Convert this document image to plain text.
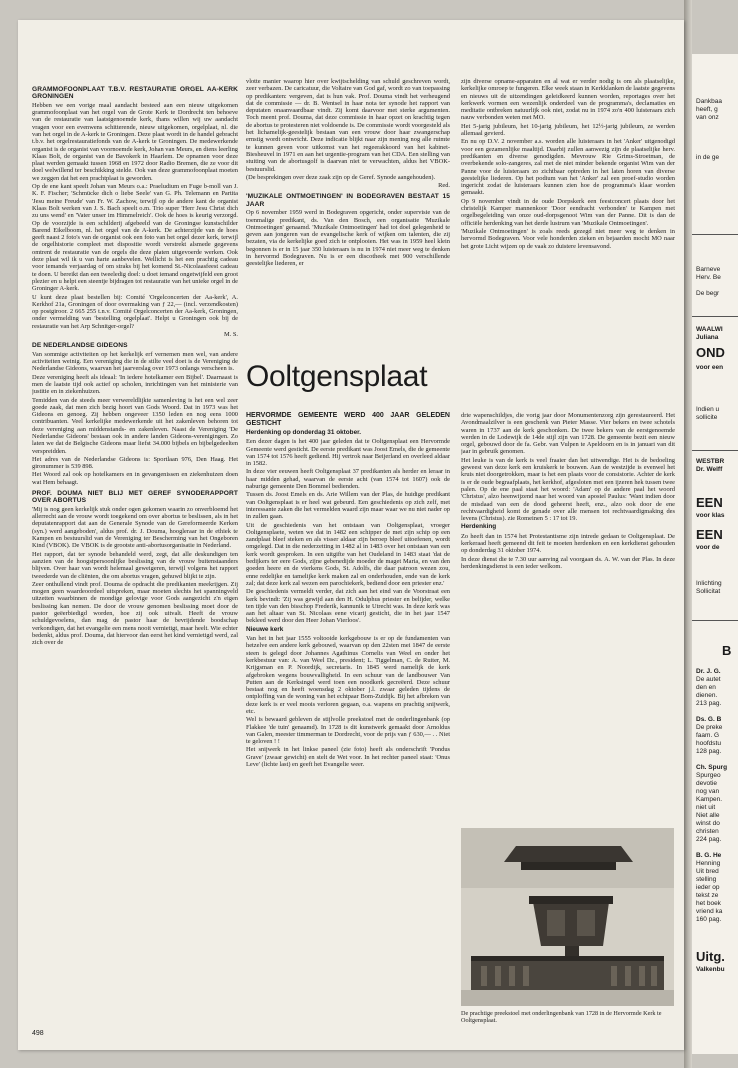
GRAMMOFOONPLAAT T.B.V. RESTAURATIE ORGEL AA-KERK GRONINGEN

Hebben we een vorige maal aandacht besteed aan een nieuw uitgekomen grammofoonplaat van het orgel van de Grote Kerk te Dordrecht ten behoeve van de restauratie van laatstgenoemde kerk, thans willen wij uw aandacht vragen voor een evenwens schitterende, nieuw uitgekomen, orgelplaat, nl. die van het orgel in de A-kerk te Groningen. Deze plaat wordt in de handel gebracht t.b.v. het orgelrestauratiefonds van de A-kerk te Groningen. De medewerkende organist is de organist van voornoemde kerk, Johan van Meurs, en diens leerling Klaas Bolt, de organist van de Bavokerk in Haarlem. De opnamen voor deze plaat werden gemaakt tussen 1968 en 1972 door Radio Bremen, die ze voor dit doel welwillend ter beschikking stelde. Ook van deze grammofoonplaat moeten we zeggen dat het een prachtplaat is geworden.

Op de ene kant speelt Johan van Meurs o.a.: Praeludium en Fuge b-moll van J. K. F. Fischer; 'Schmücke dich o liebe Seele' van G. Ph. Telemann en Partita 'Jesu meine Freude' van Fr. W. Zachow, terwijl op de andere kant de organist Klaas Bolt werken van J. S. Bach speelt o.m. Trio super 'Herr Jesu Christ dich zu uns wend' en 'Vater unser im Himmelreich'. Ook de hoes is keurig verzorgd. Op de voorzijde is een schilderij afgebeeld van de Groningse kunstschilder Barend Eikelboom, nl. het orgel van de A-kerk. De achterzijde van de hoes geeft naast 2 foto's van de organist ook een foto van het orgel dezer kerk, terwijl de orgelhistorie compleet met dispositie wordt verstrekt alsmede gegevens omtrent de restauratie van de orgels die deze platen uitgevoerde werken. Ook deze plaat wil ik u van harte aanbevelen. Wellicht is het een prachtig cadeau voor iemands verjaardag of om straks bij het komend St.-Nicolaasfeest cadeau te doen. U bereikt dan een tweeledig doel: u doet iemand ongetwijfeld een groot plezier en u helpt een steentje bijdragen tot restauratie van het unieke orgel in de Groninger A-kerk.

U kunt deze plaat bestellen bij: Comité 'Orgelconcerten der Aa-kerk', A. Kerkhof 21a, Groningen of door overmaking van ƒ 22,— (incl. verzendkosten) op postgiroor. 2 665 255 t.n.v. Comité Orgelconcerten der Aa-kerk, Groningen, onder vermelding van 'bestelling orgelplaat'. Helpt u Groningen ook bij de restauratie van het Arp Schnitger-orgel?

M. S.

DE NEDERLANDSE GIDEONS

Van sommige activiteiten op het kerkelijk erf vernemen men wel, van andere activiteiten weinig. Een vereniging die in de stilte veel doet is de Vereniging de Nederlandse Gideons, waarvan het jaarverslag over 1973 onlangs verscheen is.

Deze vereniging heeft als ideaal: 'In iedere hotelkamer een Bijbel'. Daarnaast is men de laatste tijd ook actief op scholen, inrichtingen van het ministerie van justitie en in ziekenhuizen.

Temidden van de steeds meer verwereldlijkte samenleving is het een wel zeer goede zaak, dat men zich bezig hoort van Gods Woord. Dat in 1973 was het Gideons en genoeg. Zij hebben ongeveer 1350 leden en nog eens 1000 contribuanten. Veel kerkelijke medewerkende uit het zakenleven behoren tot deze vereniging aan middenstands- en zakenleven. Naast de Vereniging 'De Nederlandse Gideons' bestaan ook in andere landen Gideons-verenigingen. Zo laten we dat de Belgische Gideons maar liefst 34.000 bijbels en bijbelgedeelten verspreidden.

Het adres van de Nederlandse Gideons is: Sportlaan 976, Den Haag. Het gironummer is 539 898.

Het Woord zal ook op hotelkamers en in gevangenissen en ziekenhuizen doen wat Hem behaagt.

PROF. DOUMA NIET BLIJ MET GEREF SYNODERAPPORT OVER ABORTUS

'Mij is nog geen kerkelijk stuk onder ogen gekomen waarin zo onverbloemd het allerrecht aan de vrouw wordt toegekend om over abortus te beslissen, als in het deputatenrapport dat aan de Generale Synode van de Gereformeerde Kerken (syn.) werd aangeboden', aldus prof. dr. J. Douma, hoogleraar in de ethiek te Kampen en bestuurslid van de Vereniging ter Bescherming van het Ongeboren Kind (VBOK). De VBOK is de grootste anti-abortusorganisatie in Nederland.

Het rapport, dat ter synode behandeld werd, zegt, dat alle deskundigen ten aanzien van de hoogstpersoonlijke beslissing van de vrouw buitenstaanders blijven. Over haar van wordt helemaal geweigeren, terwijl volgens het rapport tweederde van de cliënten, die om abortus vragen, gehuwd blijkt te zijn.

Zeer onthullend vindt prof. Douma de opdracht die predikanten meekrijgen. Zij mogen geen waardeoordeel uitspreken, maar moeten slechts het spanningveld uitzetten waarbinnen de mondige gelovige voor Gods aangezicht z'n eigen beslissing kan nemen. De door de vrouw genomen beslissing moet door de pastor geëerbiedigd worden, hoe zij ook uitvalt. Heeft de vrouw schuldgevoelens, dan mag de pastor haar de bevrijdende boodschap verkondigen, dat het evangelie een mens nooit vernietigt, maar heelt. Wie echter bedenkt, aldus prof. Douma, dat hiervoor dan eerst het kind vernietigd werd, zal zich over de

vlotte manier waarop hier over kwijtschelding van schuld geschreven wordt, zeer verbazen. De caricatuur, die Voltaire van God gaf, wordt zo van toepassing op predikanten: vergeven, dat is hun vak. Prof. Douma vindt het verheugend dat de commissie — dr. B. Wentsel in haar nota ter synode het rapport van deputaten onaanvaardbaar vindt. Zij komt daarvoor met sterke argumenten. Toch meent prof. Douma, dat deze commissie in haar opzet on krachtig tegen de abortus te protesteren niet voldoende is. De commissie wordt voorgesteld als het lichamelijk-geestelijk bestaan van een vrouw door haar zwangerschap ernstig wordt ontwricht. Deze indicatie blijkt naar zijn mening nog alle ruimte te kunnen geven voor uitkomst van het regeerakkoord van het kabinet-Biesheuvel in 1971 en aan het urgentie-program van het CDA. Een stelling van stuiting van de abortusgolf is daarvan niet te verwachten, aldus het VBOK-bestuurslid.

(De besprekingen over deze zaak zijn op de Geref. Synode aangehouden).

Red.

'MUZIKALE ONTMOETINGEN' IN BODEGRAVEN BESTAAT 15 JAAR

Op 6 november 1959 werd in Bodegraven opgericht, onder supervisie van de toenmalige predikant, ds. Van den Bosch, een organisatie 'Muzikale Ontmoetingen' genaamd. 'Muzikale Ontmoetingen' had tot doel gelegenheid te geven aan jongeren van de evangelische kerk of wijken om talenten, die zij bezaten, via de kerkelijke goed zich te ontplooien. Het was in 1959 heel klein begonnen is er in 15 jaar 350 luisteraars is nu in 1974 niet meer weg te denken in hervormd Bodegraven. Nu is er een discotheek met 900 verschillende geestelijke liederen, er

zijn diverse opname-apparaten en al wat er verder nodig is om als plaatselijke, kerkelijke omroep te fungeren. Elke week staan in Kerkklanken de laatste gegevens en nieuws uit de uitzendingen geleidkeerd kunnen worden, reportages over het kerkwerk vormen een wezenlijk onderdeel van de programma's, declamaties en meditatie ontbreken natuurlijk ook niet, zodat nu in 1974 zo'n 400 luisteraars zich nauw verbonden weten met MO.

Het 5-jarig jubileum, het 10-jarig jubileum, het 12½-jarig jubileum, ze werden allemaal gevierd.

En nu op D.V. 2 november a.s. worden alle luisteraars in het 'Anker' uitgenodigd voor een gezamenlijke maaltijd. Daarbij zullen aanwezig zijn de plaatselijke herv. predikanten en diverse genodigden. Mevrouw Rie Grims-Stroetman, de overbekende solo-zangeres, zal met de niet minder bekende organist Wim van der Panne voor de luisteraars zo zichtbaar optreden in het laten horen van diverse geestelijke liederen. Op het podium van het 'Anker' zal een proef-studio worden ingericht zodat de luisteraars kunnen zien hoe de programma's klaar worden gemaakt.

Op 9 november vindt in de oude Dorpskerk een feestconcert plaats door het christelijk Kamper mannenkoor 'Door eendracht verbonden' te Kampen met orgelbegeleiding van onze oud-dorpsgenoot Wim van der Panne. Dit is dan de officiële herdenking van het derde lustrum van 'Muzikale Ontmoetingen'.

'Muzikale Ontmoetingen' is zoals reeds gezegd niet meer weg te denken in hervormd Bodegraven. Voor vele honderden zieken en bejaarden mocht MO naar het grote Licht wijzen op de vaak zo duistere levensavond.

Ooltgensplaat

HERVORMDE GEMEENTE WERD 400 JAAR GELEDEN GESTICHT

Herdenking op donderdag 31 oktober.

Een dezer dagen is het 400 jaar geleden dat te Ooltgensplaat een Hervormde Gemeente werd gesticht. De eerste predikant was Joost Emels, die de gemeente van 1574 tot 1576 heeft gediend. Hij vertrok naar Beijerland en overleed aldaar in 1582.

In deze vier eeuwen heeft Ooltgensplaat 37 predikanten als herder en leraar in haar midden gehad, waarvan de eerste acht (van 1574 tot 1607) ook de naburige gemeente Den Bommel bedienden.

Tussen ds. Joost Emels en ds. Arie Willem van der Plas, de huidige predikant van Ooltgensplaat is er heel wat gebeurd. Een geschiedenis op zich zelf, met interessante zaken die het vermelden waard zijn maar waar we nu niet nader op in zullen gaan.

Uit de geschiedenis van het ontstaan van Ooltgensplaat, vroeger Ooltgensplaete, weten we dat in 1482 een schipper de met zijn schip op een zandplaat bleef steken en als visser aldaar zijn beroep bleef uitoefenen, wordt omgelegd. Dat in die nederzetting in 1482 al in 1483 over het ontstaan van een kerk wordt gesproken. In een uitgifte van het Oudeland in 1483 staat 'dat de bedijkers ter eere Gods, zijne gebenedijde moeder de maget Maria, en van den goeden heere en de vierkens Gods, St. Adolfs, die daar patroon wezen zou, enne redelijke en tamelijke kerk maken zal en onderhouden, ende van de kerk zal; dat deze kerk zal wezen een parochiekerk, bediend door een priester enz.'

De geschiedenis vermeldt verder, dat zich aan het eind van de Voorstraat een kerk bevindt: 'Zij was gewijd aan den H. Odulphus priester en belijder, welke ten tijde van den bisschop Frederik, kannunik te Utrecht was. In deze kerk was aan het altaar van St. Nicolaas eene vicarij gesticht, die in het jaar 1547 bekleed werd door den Heer Johan Vierloos'.

Nieuwe kerk

Van het in het jaar 1555 voltooide kerkgebouw is er op de fundamenten van hetzelve een andere kerk gebouwd, waarvan op den 22sten mei 1847 de eerste steen is gelegd door Johannes Agathinus Cornelis van Weel en onder het kerkbestuur van: A. van Weel Dz., president; L. Tiggelman, C. de Ruiter, M. Krijgsman en P. Noordijk, secretaris. In 1845 werd namelijk de kerk afgebroken wegens bouwvalligheid. In een schuur van de landbouwer Van Putten aan de Kerksingel werd toen een noodkerk gecreëerd. Deze schuur bestaat nog en heeft woensdag 2 oktober j.l. zwaar geleden tijdens de ontploffing van de woning van het echtpaar Bom-Zuidijk. Bij het afbreken van deze kerk is er veel moois verloren gegaan, o.a. wapens en prachtig snijwerk, etc.

Wel is bewaard gebleven de stijlvolle preekstoel met de onderlingenbank (op Flakkee 'de tuin' genaamd). In 1728 is dit kunstwerk gemaakt door Arnoldus van Galen, meester timmerman te Dordrecht, voor de prijs van ƒ 630,— . . Niet te geloven ! !

Het snijwerk in het linkse paneel (zie foto) heeft als onderschrift 'Pondus Grave' (zwaar gewicht) en stelt de Wet voor. In het rechter paneel staat: 'Onus Leve' (lichte last) en geeft het Evangelie weer.

drie wapenschildjes, die vorig jaar door Monumentenzorg zijn gerestaureerd. Het Avondmaalzilver is een geschenk van Pieter Masse. Vier bekers en twee schotels waren in 1737 aan de kerk geschonken. De twee bekers van de eerstgenoemde werden in de Lodewijk de 14de stijl zijn van 1728. De gemeente bezit een nieuw orgel, gebouwd door de fa. Gebr. van Vulpen te Apeldoorn en is in januari van dit jaar in gebruik genomen.

Het leuke is van de kerk is veel fraaier dan het uitwendige. Het is de bedoeling geweest van deze kerk een kruiskerk te bouwen. Aan de westzijde is evenwel het kruis niet doorgetrokken, maar is het een plaats voor de consistorie. Achter de kerk is er de oude begraafplaats, het kerkhof, afgesloten met een ijzeren hek tussen twee palen. Op de ene paal staat het woord: 'Adam' op de andere paal het woord 'Christus', alzo heenwijzend naar het woord van apostel Paulus: 'Want indien door de misdaad van een de dood geheerst heeft, enz., alzo ook door de ene rechtvaardigheid komt de genade over alle mensen tot rechtvaardigmaking des levens (Christus). zie Romeinen 5 : 17 tot 19.

Herdenking

Zo heeft dan in 1574 het Protestantisme zijn intrede gedaan te Ooltgensplaat. De kerkeraad heeft gemeend dit feit te moeten herdenken en een kerkdienst gehouden op donderdag 31 oktober 1974.

In deze dienst die te 7.30 uur aanving zal voorgaan ds. A. W. van der Plas. In deze herdenkingsdienst is een ieder welkom.

De prachtige preekstoel met onderlingenbank van 1728 in de Hervormde Kerk te Ooltgensplaat.
498
Dankbaa
heeft, g
van onz
in de ge
Barneve
Herv. Be
De begr
WAALWI
Juliana
OND
voor een
Indien u
sollicite
WESTBR
Dr. Welff
EEN
voor klas
EEN
voor de
Inlichting
Sollicitat
B
Dr. J. G.
De autet
den en
dienen.
213 pag.
Ds. G. B
De preke
faam. G
hoofdstu
128 pag.
Ch. Spurg
Spurgeo
devotie
nog van
Kampen.
niet uit
Niet alle
winst do
christen
224 pag.
B. G. He
Henning
Uit bred
stelling
ieder op
tekst ze
het boek
vriend ka
160 pag.
Uitg.
Valkenbu
